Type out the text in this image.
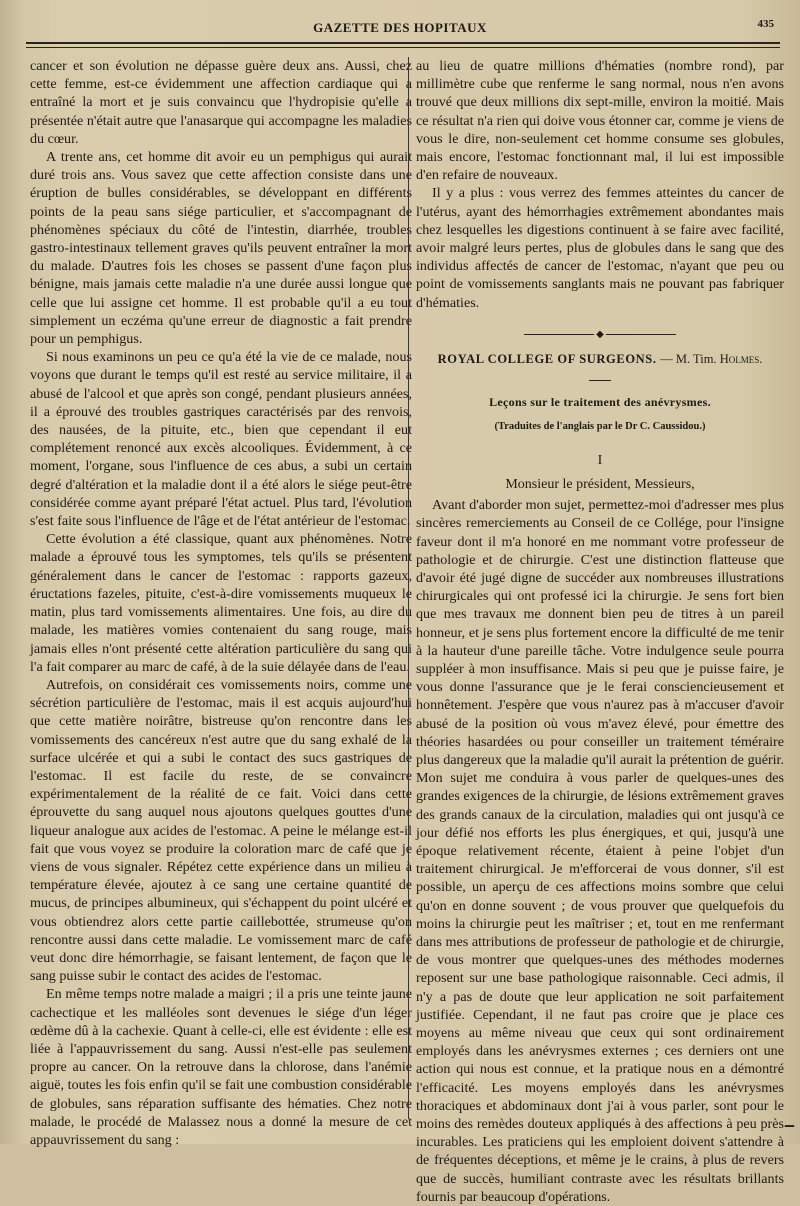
GAZETTE DES HOPITAUX	435

cancer et son évolution ne dépasse guère deux ans. Aussi, chez cette femme, est-ce évidemment une affection cardiaque qui a entraîné la mort et je suis convaincu que l'hydropisie qu'elle a présentée n'était autre que l'anasarque qui accompagne les maladies du cœur.

A trente ans, cet homme dit avoir eu un pemphigus qui aurait duré trois ans. Vous savez que cette affection consiste dans une éruption de bulles considérables, se développant en différents points de la peau sans siége particulier, et s'accompagnant de phénomènes spéciaux du côté de l'intestin, diarrhée, troubles gastro-intestinaux tellement graves qu'ils peuvent entraîner la mort du malade. D'autres fois les choses se passent d'une façon plus bénigne, mais jamais cette maladie n'a une durée aussi longue que celle que lui assigne cet homme. Il est probable qu'il a eu tout simplement un eczéma qu'une erreur de diagnostic a fait prendre pour un pemphigus.

Si nous examinons un peu ce qu'a été la vie de ce malade, nous voyons que durant le temps qu'il est resté au service militaire, il a abusé de l'alcool et que après son congé, pendant plusieurs années, il a éprouvé des troubles gastriques caractérisés par des renvois, des nausées, de la pituite, etc., bien que cependant il eut complétement renoncé aux excès alcooliques. Évidemment, à ce moment, l'organe, sous l'influence de ces abus, a subi un certain degré d'altération et la maladie dont il a été alors le siége peut-être considérée comme ayant préparé l'état actuel. Plus tard, l'évolution s'est faite sous l'influence de l'âge et de l'état antérieur de l'estomac.

Cette évolution a été classique, quant aux phénomènes. Notre malade a éprouvé tous les symptomes, tels qu'ils se présentent généralement dans le cancer de l'estomac : rapports gazeux, éructations fazeles, pituite, c'est-à-dire vomissements muqueux le matin, plus tard vomissements alimentaires. Une fois, au dire du malade, les matières vomies contenaient du sang rouge, mais jamais elles n'ont présenté cette altération particulière du sang qui l'a fait comparer au marc de café, à de la suie délayée dans de l'eau.

Autrefois, on considérait ces vomissements noirs, comme une sécrétion particulière de l'estomac, mais il est acquis aujourd'hui que cette matière noirâtre, bistreuse qu'on rencontre dans les vomissements des cancéreux n'est autre que du sang exhalé de la surface ulcérée et qui a subi le contact des sucs gastriques de l'estomac. Il est facile du reste, de se convaincre expérimentalement de la réalité de ce fait. Voici dans cette éprouvette du sang auquel nous ajoutons quelques gouttes d'une liqueur analogue aux acides de l'estomac. A peine le mélange est-il fait que vous voyez se produire la coloration marc de café que je viens de vous signaler. Répétez cette expérience dans un milieu à température élevée, ajoutez à ce sang une certaine quantité de mucus, de principes albumineux, qui s'échappent du point ulcéré et vous obtiendrez alors cette partie caillebottée, strumeuse qu'on rencontre aussi dans cette maladie. Le vomissement marc de café veut donc dire hémorrhagie, se faisant lentement, de façon que le sang puisse subir le contact des acides de l'estomac.

En même temps notre malade a maigri ; il a pris une teinte jaune cachectique et les malléoles sont devenues le siége d'un léger œdème dû à la cachexie. Quant à celle-ci, elle est évidente : elle est liée à l'appauvrissement du sang. Aussi n'est-elle pas seulement propre au cancer. On la retrouve dans la chlorose, dans l'anémie aiguë, toutes les fois enfin qu'il se fait une combustion considérable de globules, sans réparation suffisante des hématies. Chez notre malade, le procédé de Malassez nous a donné la mesure de cet appauvrissement du sang :

au lieu de quatre millions d'hématies (nombre rond), par millimètre cube que renferme le sang normal, nous n'en avons trouvé que deux millions dix sept-mille, environ la moitié. Mais ce résultat n'a rien qui doive vous étonner car, comme je viens de vous le dire, non-seulement cet homme consume ses globules, mais encore, l'estomac fonctionnant mal, il lui est impossible d'en refaire de nouveaux.

Il y a plus : vous verrez des femmes atteintes du cancer de l'utérus, ayant des hémorrhagies extrêmement abondantes mais chez lesquelles les digestions continuent à se faire avec facilité, avoir malgré leurs pertes, plus de globules dans le sang que des individus affectés de cancer de l'estomac, n'ayant que peu ou point de vomissements sanglants mais ne pouvant pas fabriquer d'hématies.

◆
ROYAL COLLEGE OF SURGEONS. — M. Tim. Holmes.
Leçons sur le traitement des anévrysmes.
(Traduites de l'anglais par le Dr C. Caussidou.)
I
Monsieur le président, Messieurs,

Avant d'aborder mon sujet, permettez-moi d'adresser mes plus sincères remerciements au Conseil de ce Collége, pour l'insigne faveur dont il m'a honoré en me nommant votre professeur de pathologie et de chirurgie. C'est une distinction flatteuse que d'avoir été jugé digne de succéder aux nombreuses illustrations chirurgicales qui ont professé ici la chirurgie. Je sens fort bien que mes travaux me donnent bien peu de titres à un pareil honneur, et je sens plus fortement encore la difficulté de me tenir à la hauteur d'une pareille tâche. Votre indulgence seule pourra suppléer à mon insuffisance. Mais si peu que je puisse faire, je vous donne l'assurance que je le ferai consciencieusement et honnêtement. J'espère que vous n'aurez pas à m'accuser d'avoir abusé de la position où vous m'avez élevé, pour émettre des théories hasardées ou pour conseiller un traitement téméraire plus dangereux que la maladie qu'il aurait la prétention de guérir. Mon sujet me conduira à vous parler de quelques-unes des grandes exigences de la chirurgie, de lésions extrêmement graves des grands canaux de la circulation, maladies qui ont jusqu'à ce jour défié nos efforts les plus énergiques, et qui, jusqu'à une époque relativement récente, étaient à peine l'objet d'un traitement chirurgical. Je m'efforcerai de vous donner, s'il est possible, un aperçu de ces affections moins sombre que celui qu'on en donne souvent ; de vous prouver que quelquefois du moins la chirurgie peut les maîtriser ; et, tout en me renfermant dans mes attributions de professeur de pathologie et de chirurgie, de vous montrer que quelques-unes des méthodes modernes reposent sur une base pathologique raisonnable. Ceci admis, il n'y a pas de doute que leur application ne soit parfaitement justifiée. Cependant, il ne faut pas croire que je place ces moyens au même niveau que ceux qui sont ordinairement employés dans les anévrysmes externes ; ces derniers ont une action qui nous est connue, et la pratique nous en a démontré l'efficacité. Les moyens employés dans les anévrysmes thoraciques et abdominaux dont j'ai à vous parler, sont pour le moins des remèdes douteux appliqués à des affections à peu près incurables. Les praticiens qui les emploient doivent s'attendre à de fréquentes déceptions, et même je le crains, à plus de revers que de succès, humiliant contraste avec les résultats brillants fournis par beaucoup d'opérations.

▁
